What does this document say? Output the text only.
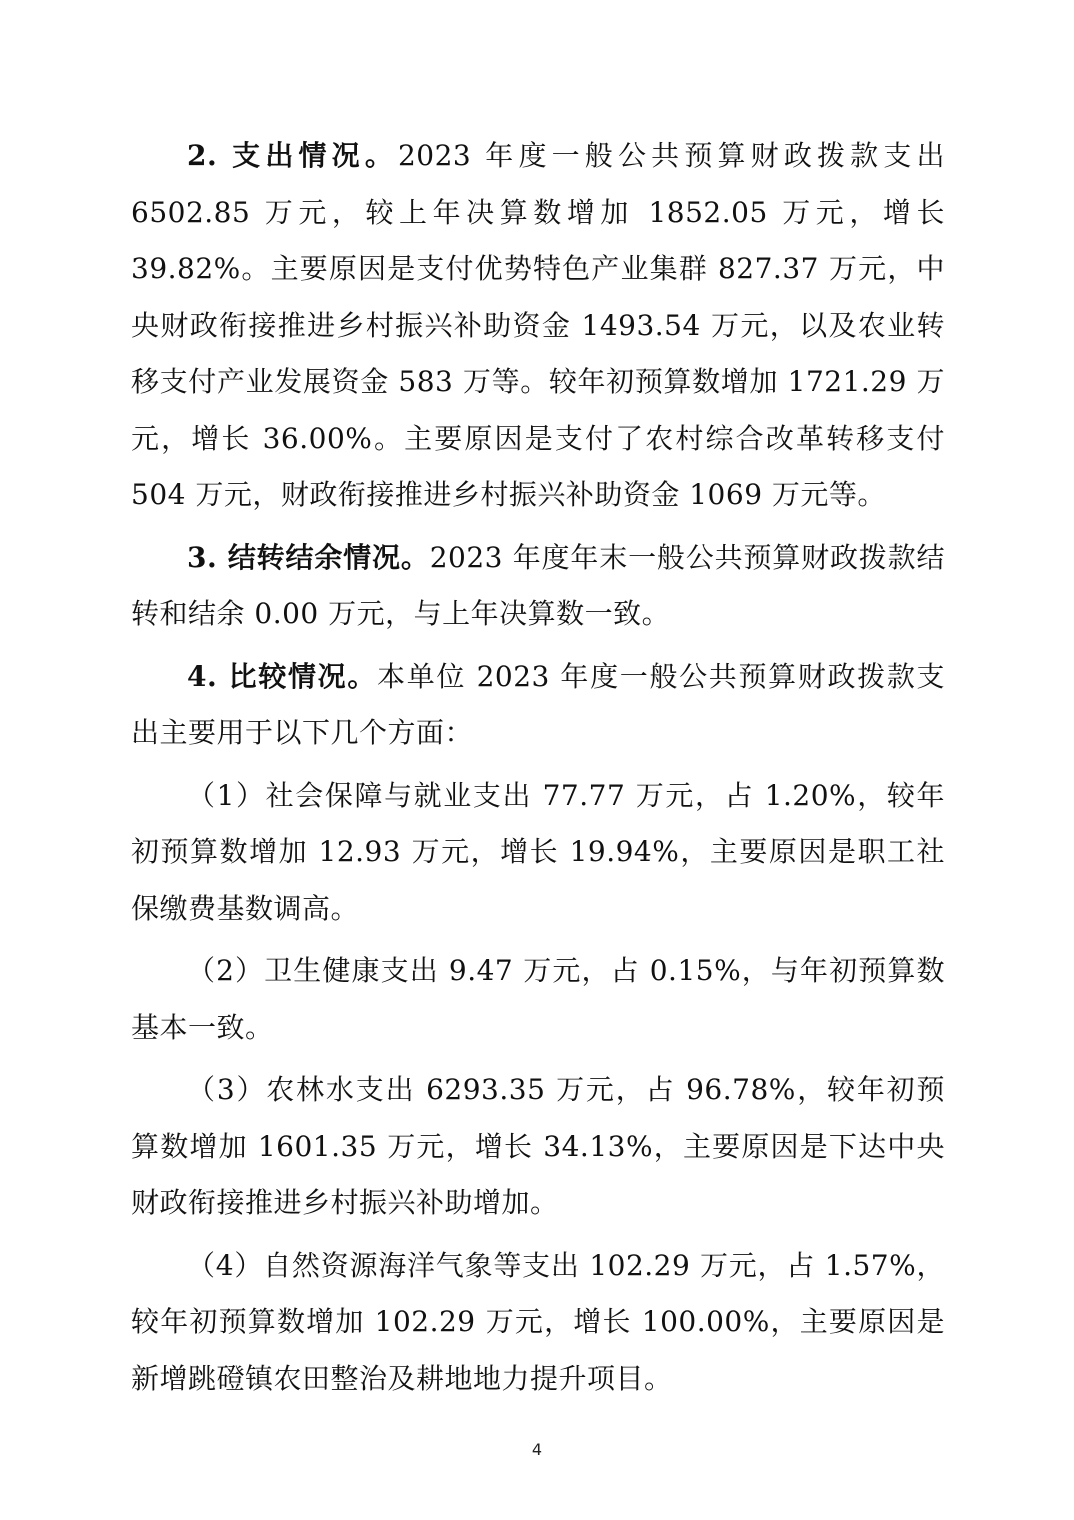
2. 支出情况。2023 年度一般公共预算财政拨款支出 6502.85 万元，较上年决算数增加 1852.05 万元，增长 39.82%。主要原因是支付优势特色产业集群 827.37 万元，中央财政衔接推进乡村振兴补助资金 1493.54 万元，以及农业转移支付产业发展资金 583 万等。较年初预算数增加 1721.29 万元，增长 36.00%。主要原因是支付了农村综合改革转移支付 504 万元，财政衔接推进乡村振兴补助资金 1069 万元等。

3. 结转结余情况。2023 年度年末一般公共预算财政拨款结转和结余 0.00 万元，与上年决算数一致。

4. 比较情况。本单位 2023 年度一般公共预算财政拨款支出主要用于以下几个方面：

（1）社会保障与就业支出 77.77 万元，占 1.20%，较年初预算数增加 12.93 万元，增长 19.94%，主要原因是职工社保缴费基数调高。

（2）卫生健康支出 9.47 万元，占 0.15%，与年初预算数基本一致。

（3）农林水支出 6293.35 万元，占 96.78%，较年初预算数增加 1601.35 万元，增长 34.13%，主要原因是下达中央财政衔接推进乡村振兴补助增加。

（4）自然资源海洋气象等支出 102.29 万元，占 1.57%，较年初预算数增加 102.29 万元，增长 100.00%，主要原因是新增跳磴镇农田整治及耕地地力提升项目。

4
